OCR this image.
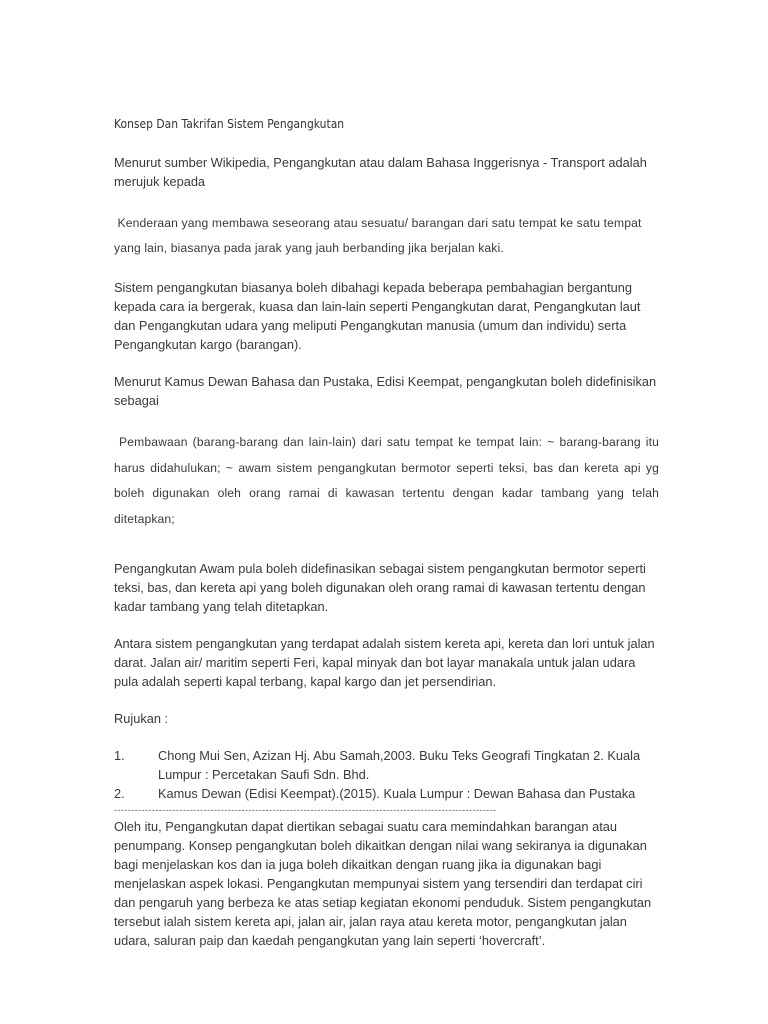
Konsep Dan Takrifan Sistem Pengangkutan

Menurut sumber Wikipedia, Pengangkutan atau dalam Bahasa Inggerisnya - Transport adalah merujuk kepada

Kenderaan yang membawa seseorang atau sesuatu/ barangan dari satu tempat ke satu tempat yang lain, biasanya pada jarak yang jauh berbanding jika berjalan kaki.

Sistem pengangkutan biasanya boleh dibahagi kepada beberapa pembahagian bergantung kepada cara ia bergerak, kuasa dan lain-lain seperti Pengangkutan darat, Pengangkutan laut dan Pengangkutan udara yang meliputi Pengangkutan manusia (umum dan individu) serta Pengangkutan kargo (barangan).

Menurut Kamus Dewan Bahasa dan Pustaka, Edisi Keempat, pengangkutan boleh didefinisikan sebagai

Pembawaan (barang-barang dan lain-lain) dari satu tempat ke tempat lain: ~ barang-barang itu harus didahulukan; ~ awam sistem pengangkutan bermotor seperti teksi, bas dan kereta api yg boleh digunakan oleh orang ramai di kawasan tertentu dengan kadar tambang yang telah ditetapkan;

Pengangkutan Awam pula boleh didefinasikan sebagai sistem pengangkutan bermotor seperti teksi, bas, dan kereta api yang boleh digunakan oleh orang ramai di kawasan tertentu dengan kadar tambang yang telah ditetapkan.

Antara sistem pengangkutan yang terdapat adalah sistem kereta api, kereta dan lori untuk jalan darat. Jalan air/ maritim seperti Feri, kapal minyak dan bot layar manakala untuk jalan udara pula adalah seperti kapal terbang, kapal kargo dan jet persendirian.

Rujukan :

1.	Chong Mui Sen, Azizan Hj. Abu Samah,2003. Buku Teks Geografi Tingkatan 2. Kuala Lumpur : Percetakan Saufi Sdn. Bhd.
2.	Kamus Dewan (Edisi Keempat).(2015). Kuala Lumpur : Dewan Bahasa dan Pustaka
---------------------------------------------------------------------------------------------------------------

Oleh itu, Pengangkutan dapat diertikan sebagai suatu cara memindahkan barangan atau penumpang. Konsep pengangkutan boleh dikaitkan dengan nilai wang sekiranya ia digunakan bagi menjelaskan kos dan ia juga boleh dikaitkan dengan ruang jika ia digunakan bagi menjelaskan aspek lokasi. Pengangkutan mempunyai sistem yang tersendiri dan terdapat ciri dan pengaruh yang berbeza ke atas setiap kegiatan ekonomi penduduk. Sistem pengangkutan tersebut ialah sistem kereta api, jalan air, jalan raya atau kereta motor, pengangkutan jalan udara, saluran paip dan kaedah pengangkutan yang lain seperti ‘hovercraft’.
